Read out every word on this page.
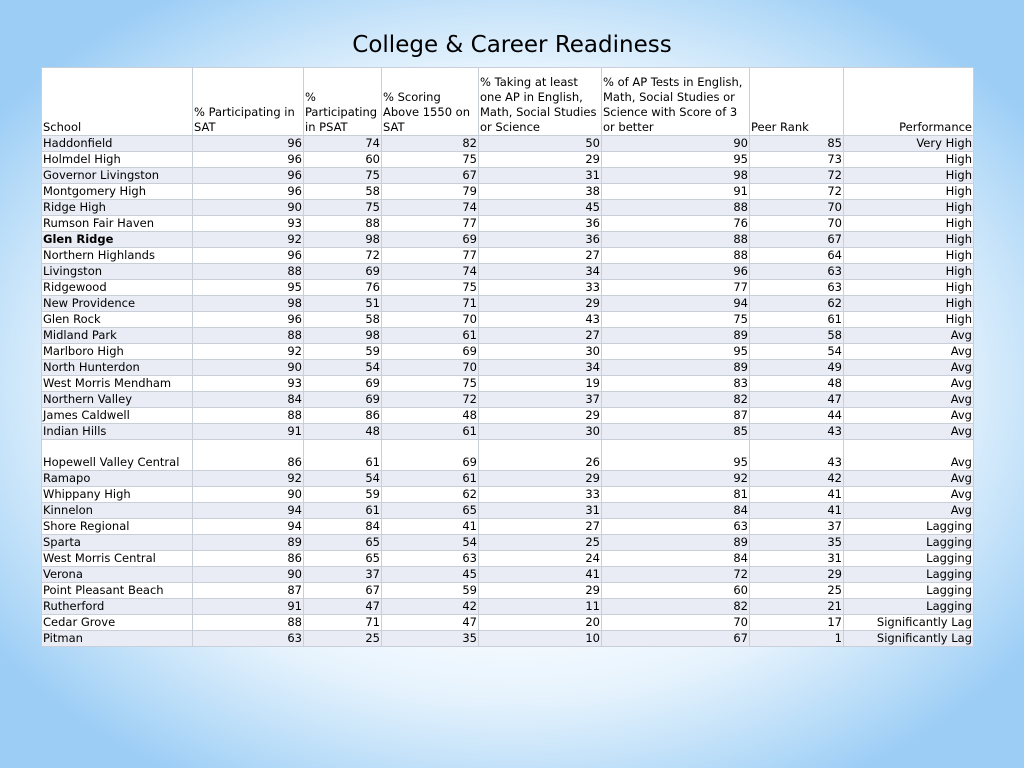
College & Career Readiness
School	% Participating in SAT	% Participating in PSAT	% Scoring Above 1550 on SAT	% Taking at least one AP in English, Math, Social Studies or Science	% of AP Tests in English, Math, Social Studies or Science with Score of 3 or better	Peer Rank	Performance
Haddonfield	96	74	82	50	90	85	Very High
Holmdel High	96	60	75	29	95	73	High
Governor Livingston	96	75	67	31	98	72	High
Montgomery High	96	58	79	38	91	72	High
Ridge High	90	75	74	45	88	70	High
Rumson Fair Haven	93	88	77	36	76	70	High
Glen Ridge	92	98	69	36	88	67	High
Northern Highlands	96	72	77	27	88	64	High
Livingston	88	69	74	34	96	63	High
Ridgewood	95	76	75	33	77	63	High
New Providence	98	51	71	29	94	62	High
Glen Rock	96	58	70	43	75	61	High
Midland Park	88	98	61	27	89	58	Avg
Marlboro High	92	59	69	30	95	54	Avg
North Hunterdon	90	54	70	34	89	49	Avg
West Morris Mendham	93	69	75	19	83	48	Avg
Northern Valley	84	69	72	37	82	47	Avg
James Caldwell	88	86	48	29	87	44	Avg
Indian Hills	91	48	61	30	85	43	Avg
Hopewell Valley Central	86	61	69	26	95	43	Avg
Ramapo	92	54	61	29	92	42	Avg
Whippany High	90	59	62	33	81	41	Avg
Kinnelon	94	61	65	31	84	41	Avg
Shore Regional	94	84	41	27	63	37	Lagging
Sparta	89	65	54	25	89	35	Lagging
West Morris Central	86	65	63	24	84	31	Lagging
Verona	90	37	45	41	72	29	Lagging
Point Pleasant Beach	87	67	59	29	60	25	Lagging
Rutherford	91	47	42	11	82	21	Lagging
Cedar Grove	88	71	47	20	70	17	Significantly Lag
Pitman	63	25	35	10	67	1	Significantly Lag
